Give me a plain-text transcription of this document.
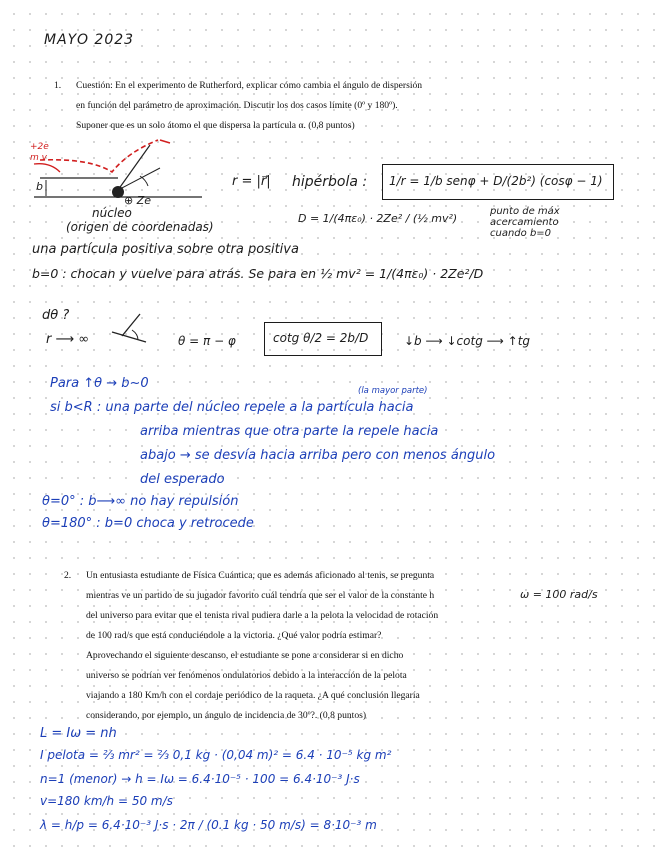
MAYO 2023
1. Cuestión: En el experimento de Rutherford, explicar cómo cambia el ángulo de dispersión

en función del parámetro de aproximación. Discutir los dos casos límite (0º y 180º).

Suponer que es un solo átomo el que dispersa la partícula α. (0,8 puntos)

+2e
m v
b
⊕ Ze
núcleo
(origen de coordenadas)
r = |r⃗| hipérbola : 1/r = 1/b senφ + D/(2b²) (cosφ − 1)
D = 1/(4πε₀) · 2Ze² / (½ mv²)
punto de máx
acercamiento
cuando b=0
una partícula positiva sobre otra positiva
b=0 : chocan y vuelve para atrás. Se para en ½ mv² = 1/(4πε₀) · 2Ze²/D
dθ ?
r ⟶ ∞	θ = π − φ	cotg θ/2 = 2b/D	↓b ⟶ ↓cotg ⟶ ↑tg
(la mayor parte)
Para ↑θ → b~0
si b<R : una parte del núcleo repele a la partícula hacia
arriba mientras que otra parte la repele hacia
abajo → se desvía hacia arriba pero con menos ángulo
del esperado
θ=0° : b⟶∞ no hay repulsión
θ=180° : b=0 choca y retrocede
2. Un entusiasta estudiante de Física Cuántica, que es además aficionado al tenis, se pregunta

mientras ve un partido de su jugador favorito cuál tendría que ser el valor de la constante h

del universo para evitar que el tenista rival pudiera darle a la pelota la velocidad de rotación

de 100 rad/s que está conduciéndole a la victoria. ¿Qué valor podría estimar?

Aprovechando el siguiente descanso, el estudiante se pone a considerar si en dicho

universo se podrían ver fenómenos ondulatorios debido a la interacción de la pelota

viajando a 180 Km/h con el cordaje periódico de la raqueta. ¿A qué conclusión llegaría

considerando, por ejemplo, un ángulo de incidencia de 30º?. (0,8 puntos)

ω = 100 rad/s
L = Iω = nh
I pelota = ⅔ mr² = ⅔ 0,1 kg · (0,04 m)² = 6.4 · 10⁻⁵ kg m²
n=1 (menor) → h = Iω = 6.4·10⁻⁵ · 100 = 6.4·10⁻³ J·s
v=180 km/h = 50 m/s
λ = h/p = 6.4·10⁻³ J·s · 2π / (0.1 kg · 50 m/s) = 8·10⁻³ m
